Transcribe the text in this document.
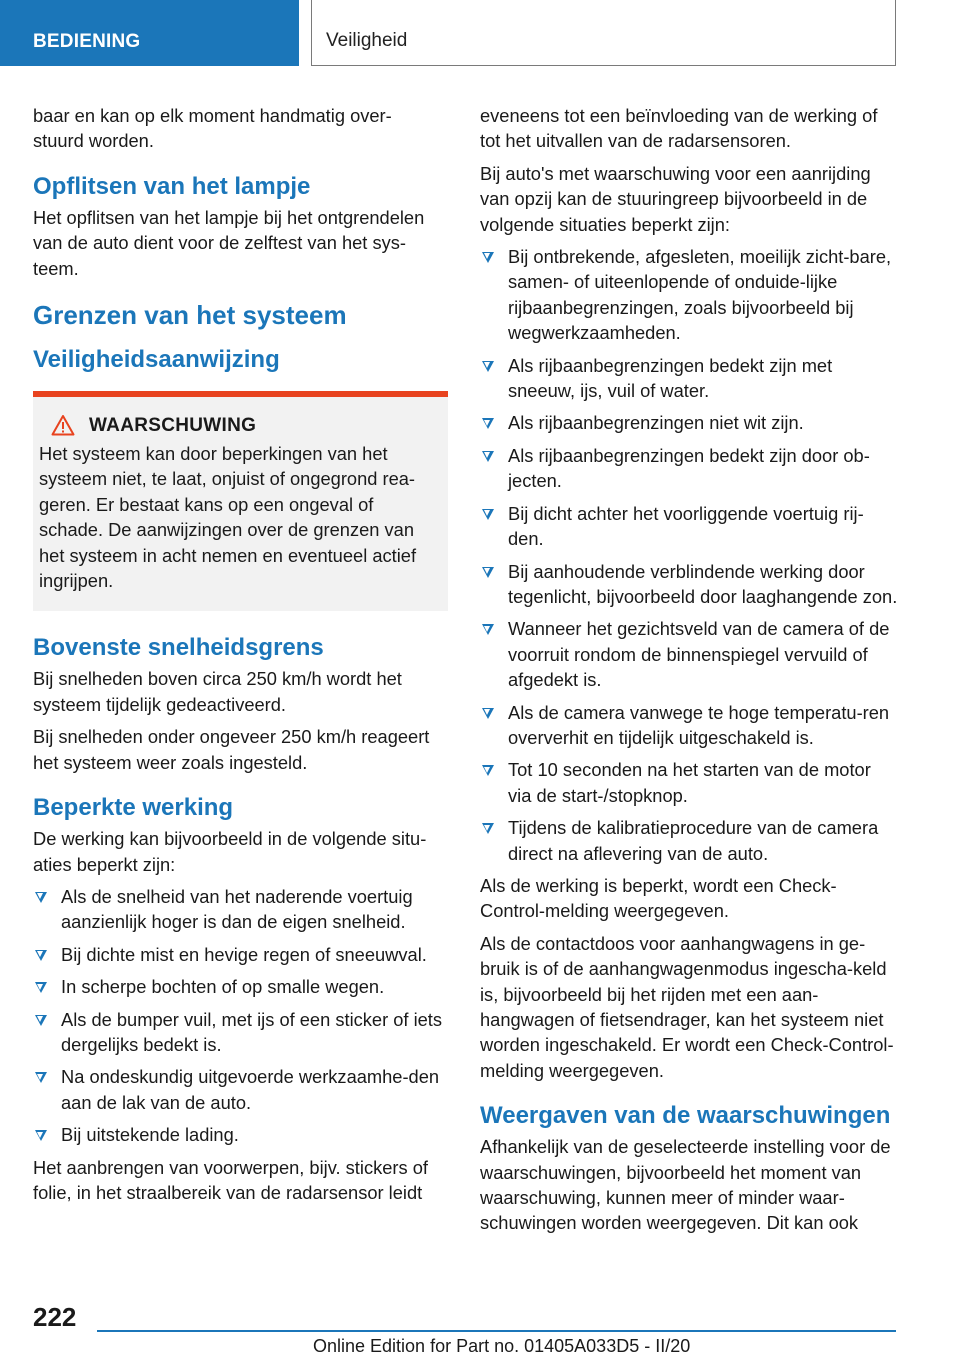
BEDIENING	Veiligheid

baar en kan op elk moment handmatig over-
stuurd worden.

Opflitsen van het lampje

Het opflitsen van het lampje bij het ontgrendelen van de auto dient voor de zelftest van het sys-teem.

Grenzen van het systeem
Veiligheidsaanwijzing
WAARSCHUWING

Het systeem kan door beperkingen van het systeem niet, te laat, onjuist of ongegrond rea-geren. Er bestaat kans op een ongeval of schade. De aanwijzingen over de grenzen van het systeem in acht nemen en eventueel actief ingrijpen.

Bovenste snelheidsgrens

Bij snelheden boven circa 250 km/h wordt het systeem tijdelijk gedeactiveerd.

Bij snelheden onder ongeveer 250 km/h reageert het systeem weer zoals ingesteld.

Beperkte werking

De werking kan bijvoorbeeld in de volgende situ-aties beperkt zijn:

Als de snelheid van het naderende voertuig aanzienlijk hoger is dan de eigen snelheid.
Bij dichte mist en hevige regen of sneeuwval.
In scherpe bochten of op smalle wegen.
Als de bumper vuil, met ijs of een sticker of iets dergelijks bedekt is.
Na ondeskundig uitgevoerde werkzaamhe-den aan de lak van de auto.
Bij uitstekende lading.

Het aanbrengen van voorwerpen, bijv. stickers of folie, in het straalbereik van de radarsensor leidt

eveneens tot een beïnvloeding van de werking of tot het uitvallen van de radarsensoren.

Bij auto's met waarschuwing voor een aanrijding van opzij kan de stuuringreep bijvoorbeeld in de volgende situaties beperkt zijn:

Bij ontbrekende, afgesleten, moeilijk zicht-bare, samen- of uiteenlopende of onduide-lijke rijbaanbegrenzingen, zoals bijvoorbeeld bij wegwerkzaamheden.
Als rijbaanbegrenzingen bedekt zijn met sneeuw, ijs, vuil of water.
Als rijbaanbegrenzingen niet wit zijn.
Als rijbaanbegrenzingen bedekt zijn door ob-jecten.
Bij dicht achter het voorliggende voertuig rij-den.
Bij aanhoudende verblindende werking door tegenlicht, bijvoorbeeld door laaghangende zon.
Wanneer het gezichtsveld van de camera of de voorruit rondom de binnenspiegel vervuild of afgedekt is.
Als de camera vanwege te hoge temperatu-ren oververhit en tijdelijk uitgeschakeld is.
Tot 10 seconden na het starten van de motor via de start-/stopknop.
Tijdens de kalibratieprocedure van de camera direct na aflevering van de auto.

Als de werking is beperkt, wordt een Check-Control-melding weergegeven.

Als de contactdoos voor aanhangwagens in ge-bruik is of de aanhangwagenmodus ingescha-keld is, bijvoorbeeld bij het rijden met een aan-hangwagen of fietsendrager, kan het systeem niet worden ingeschakeld. Er wordt een Check-Control-melding weergegeven.

Weergaven van de waarschuwingen

Afhankelijk van de geselecteerde instelling voor de waarschuwingen, bijvoorbeeld het moment van waarschuwing, kunnen meer of minder waar-schuwingen worden weergegeven. Dit kan ook

222
Online Edition for Part no. 01405A033D5 - II/20
